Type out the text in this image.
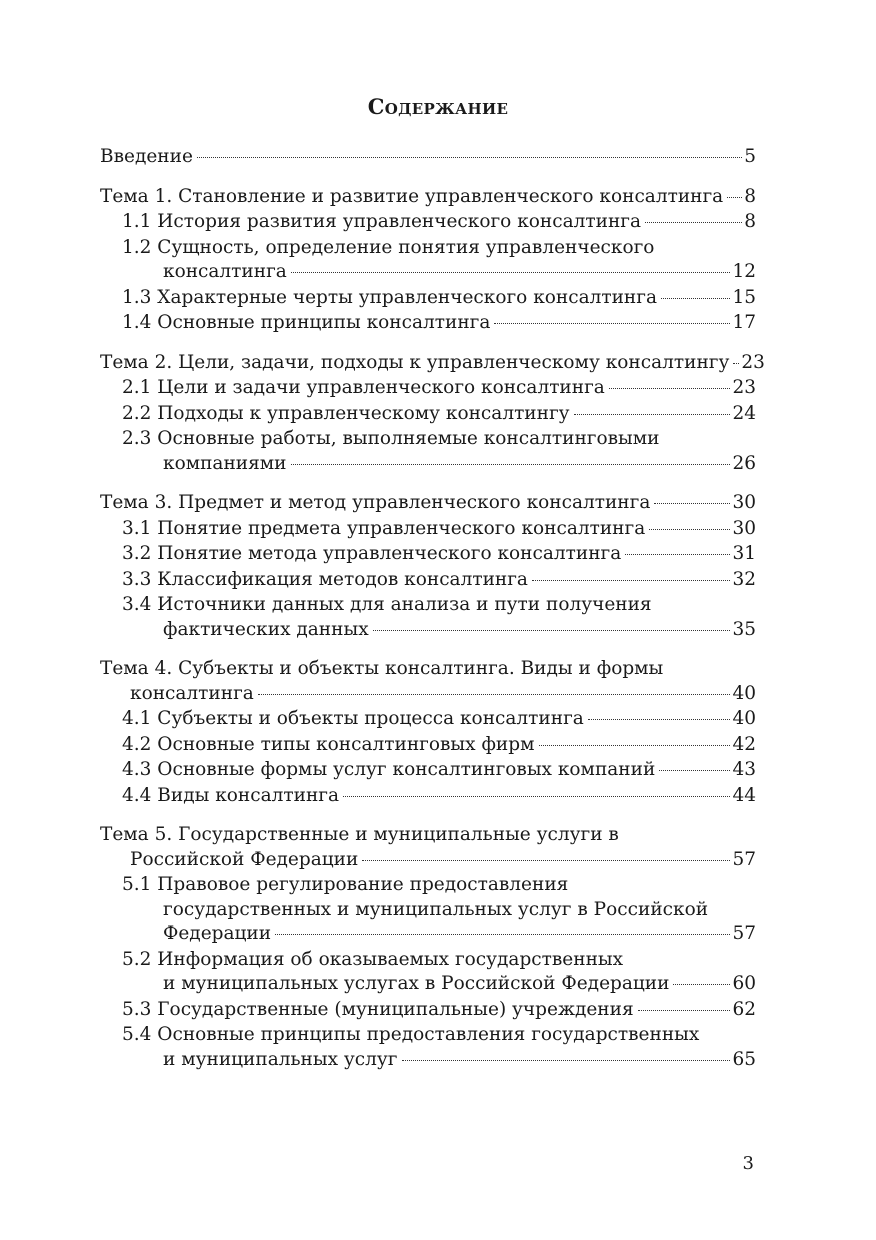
Содержание
Введение	5
Тема 1. Становление и развитие управленческого консалтинга 8
1.1 История развития управленческого консалтинга	8
1.2 Сущность, определение понятия управленческого
консалтинга	12
1.3 Характерные черты управленческого консалтинга	15
1.4 Основные принципы консалтинга	17
Тема 2. Цели, задачи, подходы к управленческому консалтингу 23
2.1 Цели и задачи управленческого консалтинга	23
2.2 Подходы к управленческому консалтингу	24
2.3 Основные работы, выполняемые консалтинговыми
компаниями	26
Тема 3. Предмет и метод управленческого консалтинга	30
3.1 Понятие предмета управленческого консалтинга	30
3.2 Понятие метода управленческого консалтинга	31
3.3 Классификация методов консалтинга	32
3.4 Источники данных для анализа и пути получения
фактических данных	35
Тема 4. Субъекты и объекты консалтинга. Виды и формы
консалтинга	40
4.1 Субъекты и объекты процесса консалтинга	40
4.2 Основные типы консалтинговых фирм	42
4.3 Основные формы услуг консалтинговых компаний	43
4.4 Виды консалтинга	44
Тема 5. Государственные и муниципальные услуги в
Российской Федерации	57
5.1 Правовое регулирование предоставления
государственных и муниципальных услуг в Российской
Федерации	57
5.2 Информация об оказываемых государственных
и муниципальных услугах в Российской Федерации	60
5.3 Государственные (муниципальные) учреждения	62
5.4 Основные принципы предоставления государственных
и муниципальных услуг	65
3
